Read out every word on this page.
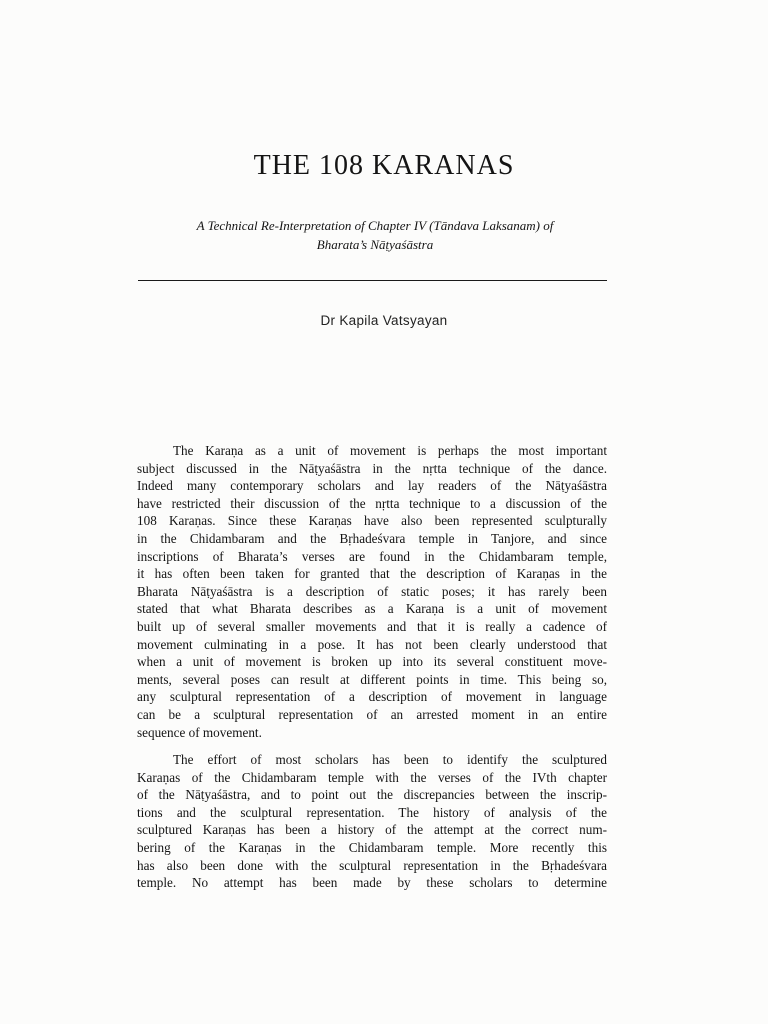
THE 108 KARANAS
A Technical Re-Interpretation of Chapter IV (Tāndava Laksanam) of
Bharata’s Nāṭyaśāstra
Dr Kapila Vatsyayan

The Karaṇa as a unit of movement is perhaps the most important
subject discussed in the Nāṭyaśāstra in the nṛtta technique of the dance.
Indeed many contemporary scholars and lay readers of the Nāṭyaśāstra
have restricted their discussion of the nṛtta technique to a discussion of the
108 Karaṇas. Since these Karaṇas have also been represented sculpturally
in the Chidambaram and the Bṛhadeśvara temple in Tanjore, and since
inscriptions of Bharata’s verses are found in the Chidambaram temple,
it has often been taken for granted that the description of Karaṇas in the
Bharata Nāṭyaśāstra is a description of static poses; it has rarely been
stated that what Bharata describes as a Karaṇa is a unit of movement
built up of several smaller movements and that it is really a cadence of
movement culminating in a pose. It has not been clearly understood that
when a unit of movement is broken up into its several constituent move-
ments, several poses can result at different points in time. This being so,
any sculptural representation of a description of movement in language
can be a sculptural representation of an arrested moment in an entire
sequence of movement.

The effort of most scholars has been to identify the sculptured
Karaṇas of the Chidambaram temple with the verses of the IVth chapter
of the Nāṭyaśāstra, and to point out the discrepancies between the inscrip-
tions and the sculptural representation. The history of analysis of the
sculptured Karaṇas has been a history of the attempt at the correct num-
bering of the Karaṇas in the Chidambaram temple. More recently this
has also been done with the sculptural representation in the Bṛhadeśvara
temple. No attempt has been made by these scholars to determine
